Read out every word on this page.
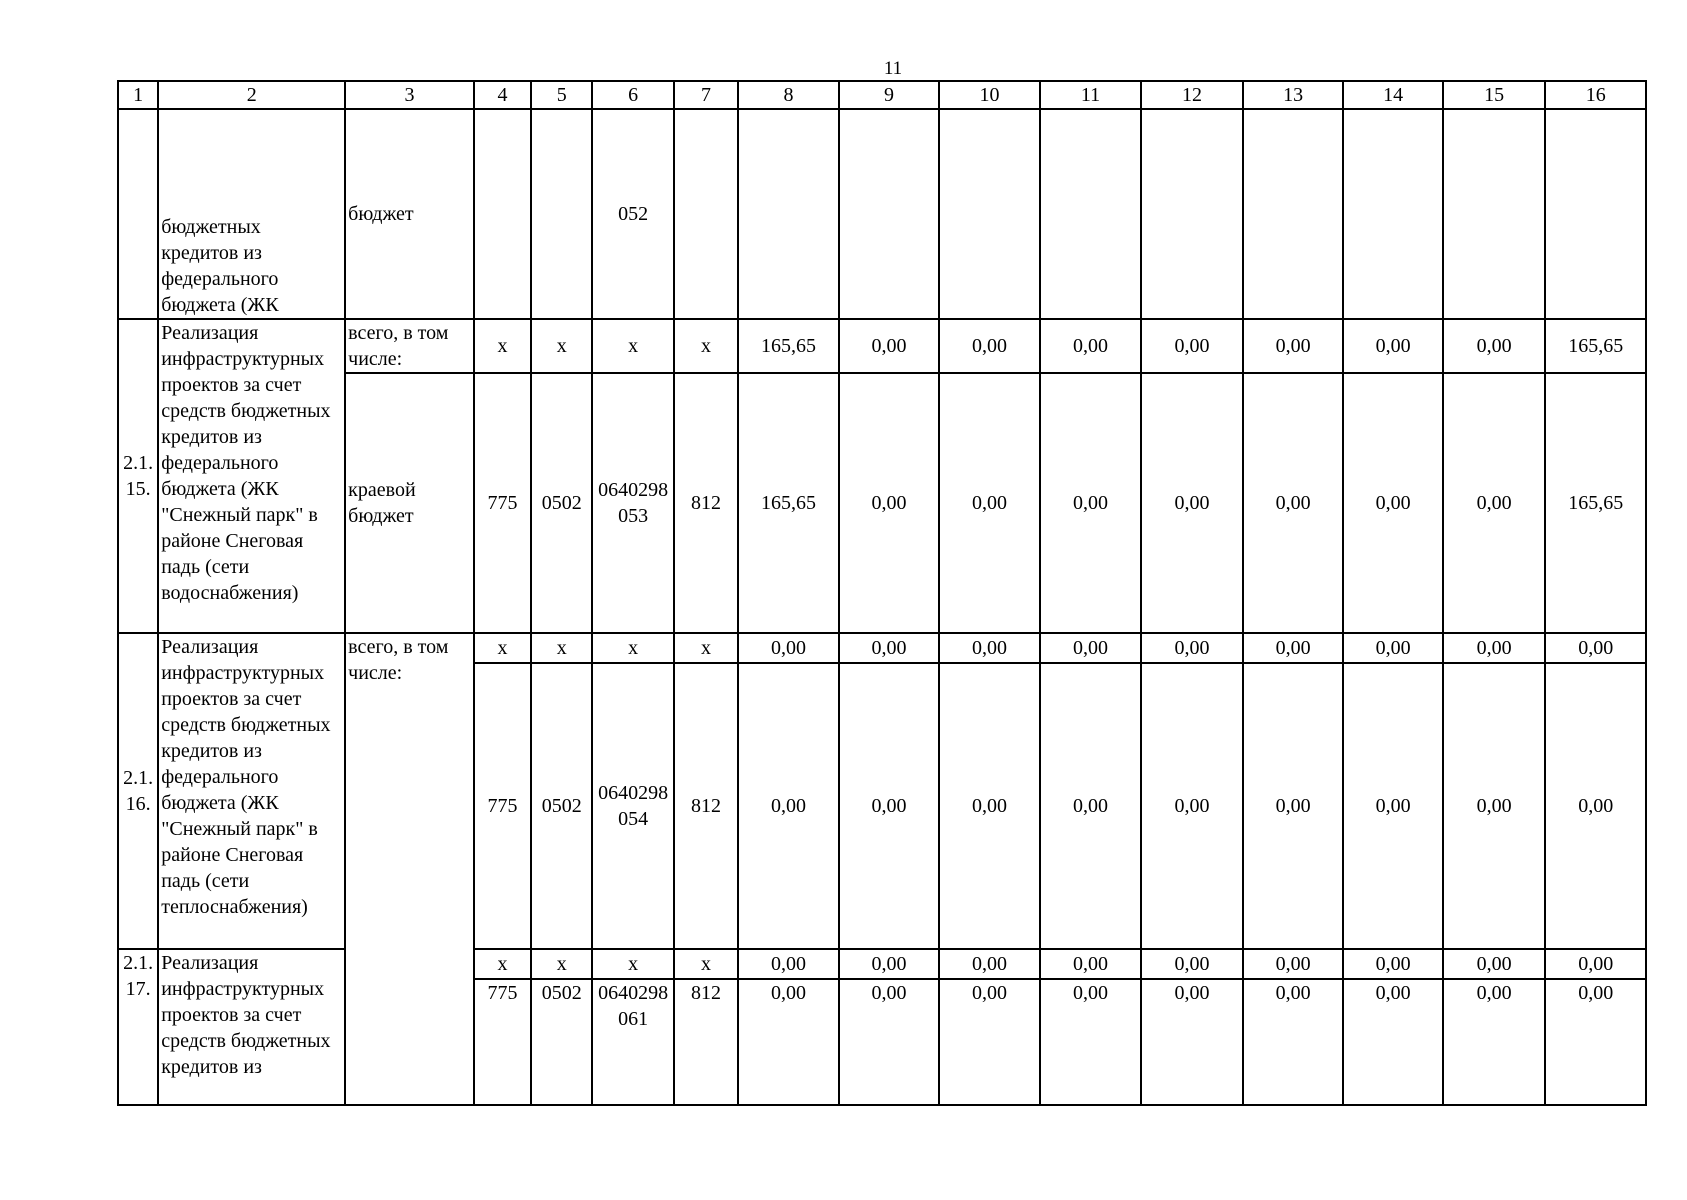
11
1	2	3	4	5	6	7	8	9	10	11	12	13	14	15	16
	бюджетных кредитов из федерального бюджета (ЖК	бюджет			052										
2.1. 15.	Реализация инфраструктурных проектов за счет средств бюджетных кредитов из федерального бюджета (ЖК "Снежный парк" в районе Снеговая падь (сети водоснабжения)	всего, в том числе:	x	x	x	x	165,65	0,00	0,00	0,00	0,00	0,00	0,00	0,00	165,65
		краевой бюджет	775	0502	0640298 053	812	165,65	0,00	0,00	0,00	0,00	0,00	0,00	0,00	165,65
2.1. 16.	Реализация инфраструктурных проектов за счет средств бюджетных кредитов из федерального бюджета (ЖК "Снежный парк" в районе Снеговая падь (сети теплоснабжения)	всего, в том числе:	x	x	x	x	0,00	0,00	0,00	0,00	0,00	0,00	0,00	0,00	0,00
			775	0502	0640298 054	812	0,00	0,00	0,00	0,00	0,00	0,00	0,00	0,00	0,00
2.1. 17.	Реализация инфраструктурных проектов за счет средств бюджетных кредитов из		x	x	x	x	0,00	0,00	0,00	0,00	0,00	0,00	0,00	0,00	0,00
			775	0502	0640298 061	812	0,00	0,00	0,00	0,00	0,00	0,00	0,00	0,00	0,00
